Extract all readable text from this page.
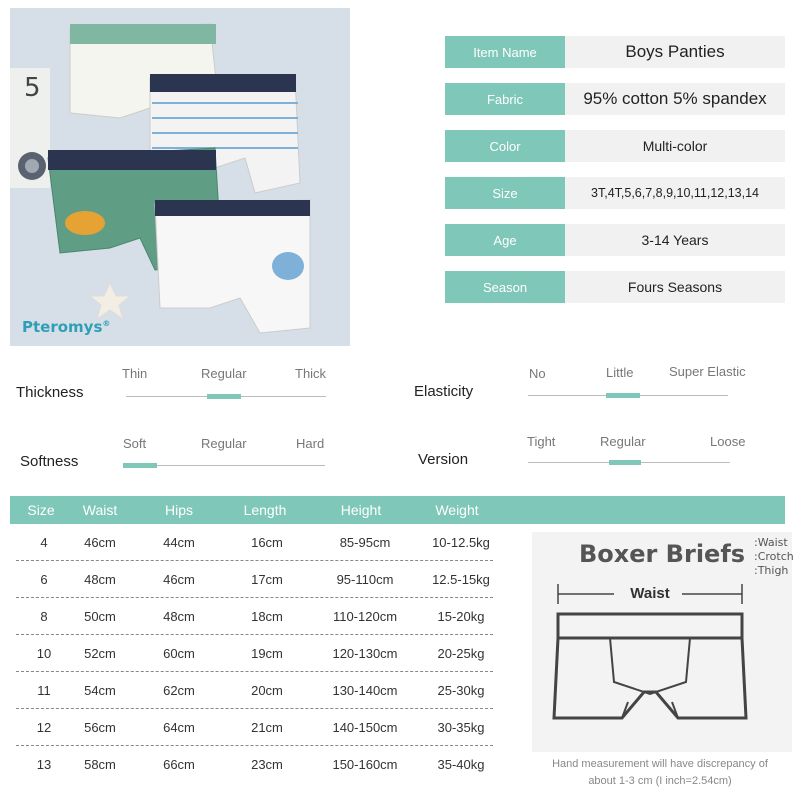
5
Pteromys®
Item Name	Boys Panties
Fabric	95% cotton 5% spandex
Color	Multi-color
Size	3T,4T,5,6,7,8,9,10,11,12,13,14
Age	3-14 Years
Season	Fours Seasons
Thickness
Thin	Regular	Thick
Elasticity
No	Little	Super Elastic
Softness
Soft	Regular	Hard
Version
Tight	Regular	Loose
Size	Waist	Hips	Length	Height	Weight
4	46cm	44cm	16cm	85-95cm	10-12.5kg
6	48cm	46cm	17cm	95-110cm	12.5-15kg
8	50cm	48cm	18cm	110-120cm	15-20kg
10	52cm	60cm	19cm	120-130cm	20-25kg
11	54cm	62cm	20cm	130-140cm	25-30kg
12	56cm	64cm	21cm	140-150cm	30-35kg
13	58cm	66cm	23cm	150-160cm	35-40kg
Boxer Briefs
Waist
:Waist
:Crotch
:Thigh
Hand measurement will have discrepancy of
about 1-3 cm (I inch=2.54cm)
